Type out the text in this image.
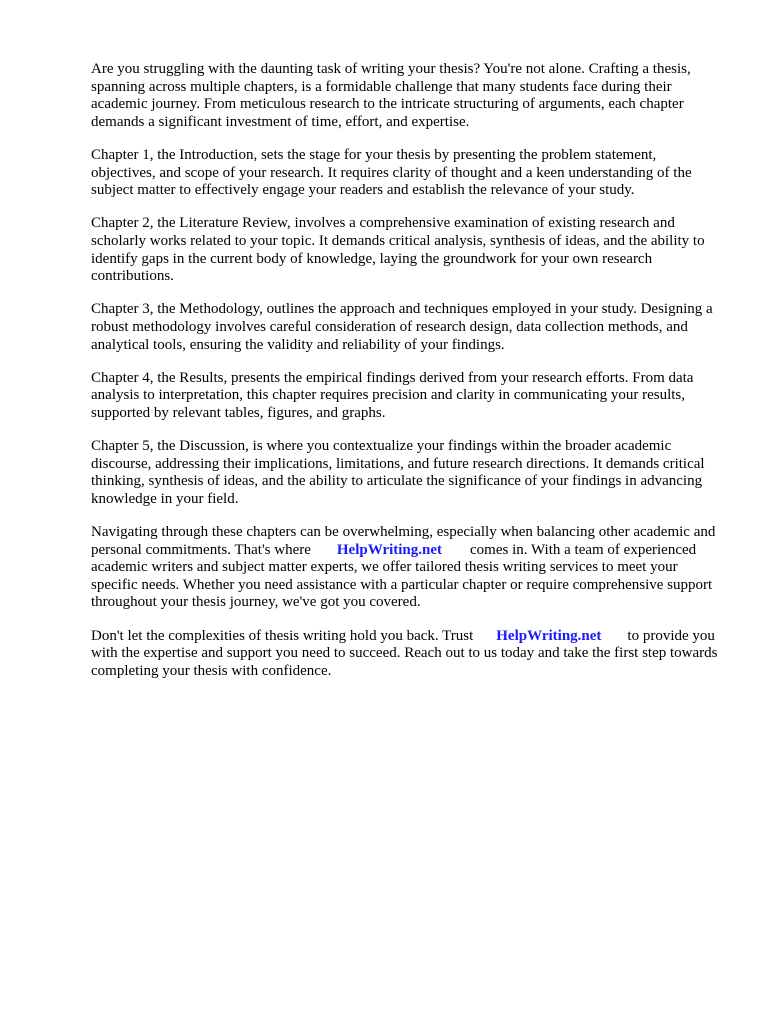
Are you struggling with the daunting task of writing your thesis? You're not alone. Crafting a thesis, spanning across multiple chapters, is a formidable challenge that many students face during their academic journey. From meticulous research to the intricate structuring of arguments, each chapter demands a significant investment of time, effort, and expertise.

Chapter 1, the Introduction, sets the stage for your thesis by presenting the problem statement, objectives, and scope of your research. It requires clarity of thought and a keen understanding of the subject matter to effectively engage your readers and establish the relevance of your study.

Chapter 2, the Literature Review, involves a comprehensive examination of existing research and scholarly works related to your topic. It demands critical analysis, synthesis of ideas, and the ability to identify gaps in the current body of knowledge, laying the groundwork for your own research contributions.

Chapter 3, the Methodology, outlines the approach and techniques employed in your study. Designing a robust methodology involves careful consideration of research design, data collection methods, and analytical tools, ensuring the validity and reliability of your findings.

Chapter 4, the Results, presents the empirical findings derived from your research efforts. From data analysis to interpretation, this chapter requires precision and clarity in communicating your results, supported by relevant tables, figures, and graphs.

Chapter 5, the Discussion, is where you contextualize your findings within the broader academic discourse, addressing their implications, limitations, and future research directions. It demands critical thinking, synthesis of ideas, and the ability to articulate the significance of your findings in advancing knowledge in your field.

Navigating through these chapters can be overwhelming, especially when balancing other academic and personal commitments. That's where HelpWriting.net comes in. With a team of experienced academic writers and subject matter experts, we offer tailored thesis writing services to meet your specific needs. Whether you need assistance with a particular chapter or require comprehensive support throughout your thesis journey, we've got you covered.

Don't let the complexities of thesis writing hold you back. Trust HelpWriting.net to provide you with the expertise and support you need to succeed. Reach out to us today and take the first step towards completing your thesis with confidence.
